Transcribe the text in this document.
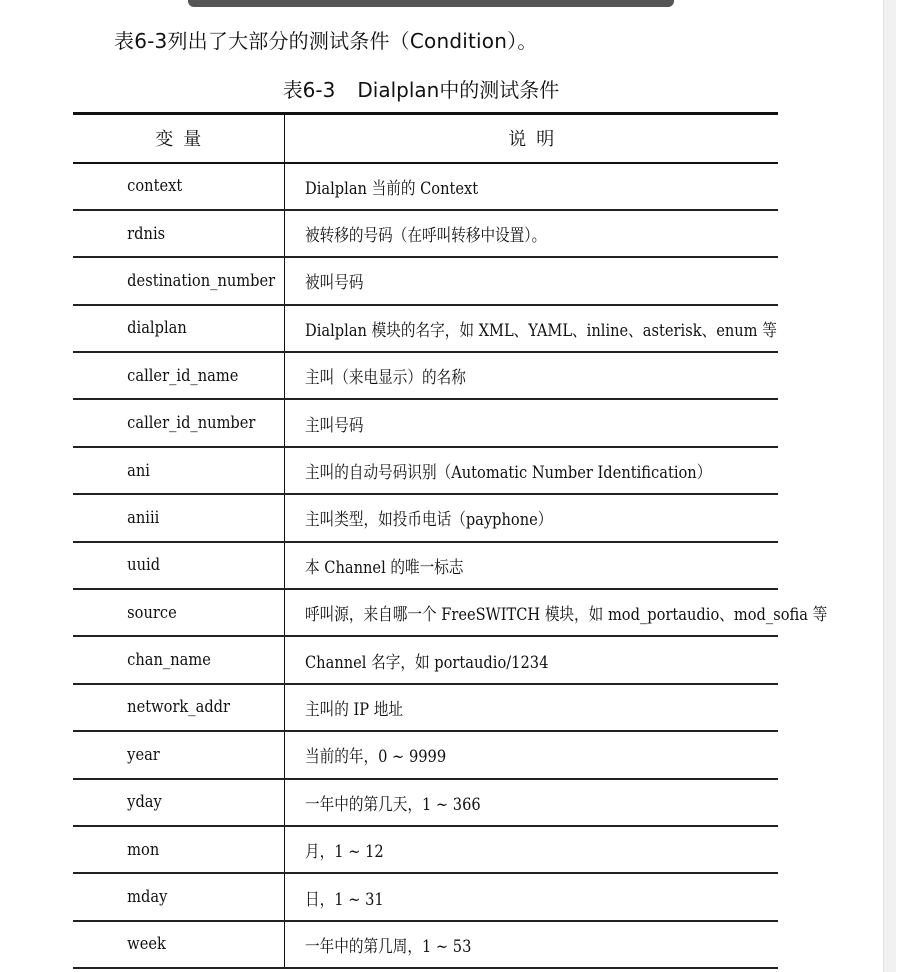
表6-3列出了大部分的测试条件（Condition）。
表6-3 Dialplan中的测试条件
变量	说明
context	Dialplan 当前的 Context
rdnis	被转移的号码（在呼叫转移中设置）。
destination_number	被叫号码
dialplan	Dialplan 模块的名字，如 XML、YAML、inline、asterisk、enum 等
caller_id_name	主叫（来电显示）的名称
caller_id_number	主叫号码
ani	主叫的自动号码识别（Automatic Number Identification）
aniii	主叫类型，如投币电话（payphone）
uuid	本 Channel 的唯一标志
source	呼叫源，来自哪一个 FreeSWITCH 模块，如 mod_portaudio、mod_sofia 等
chan_name	Channel 名字，如 portaudio/1234
network_addr	主叫的 IP 地址
year	当前的年，0 ~ 9999
yday	一年中的第几天，1 ~ 366
mon	月，1 ~ 12
mday	日，1 ~ 31
week	一年中的第几周，1 ~ 53
